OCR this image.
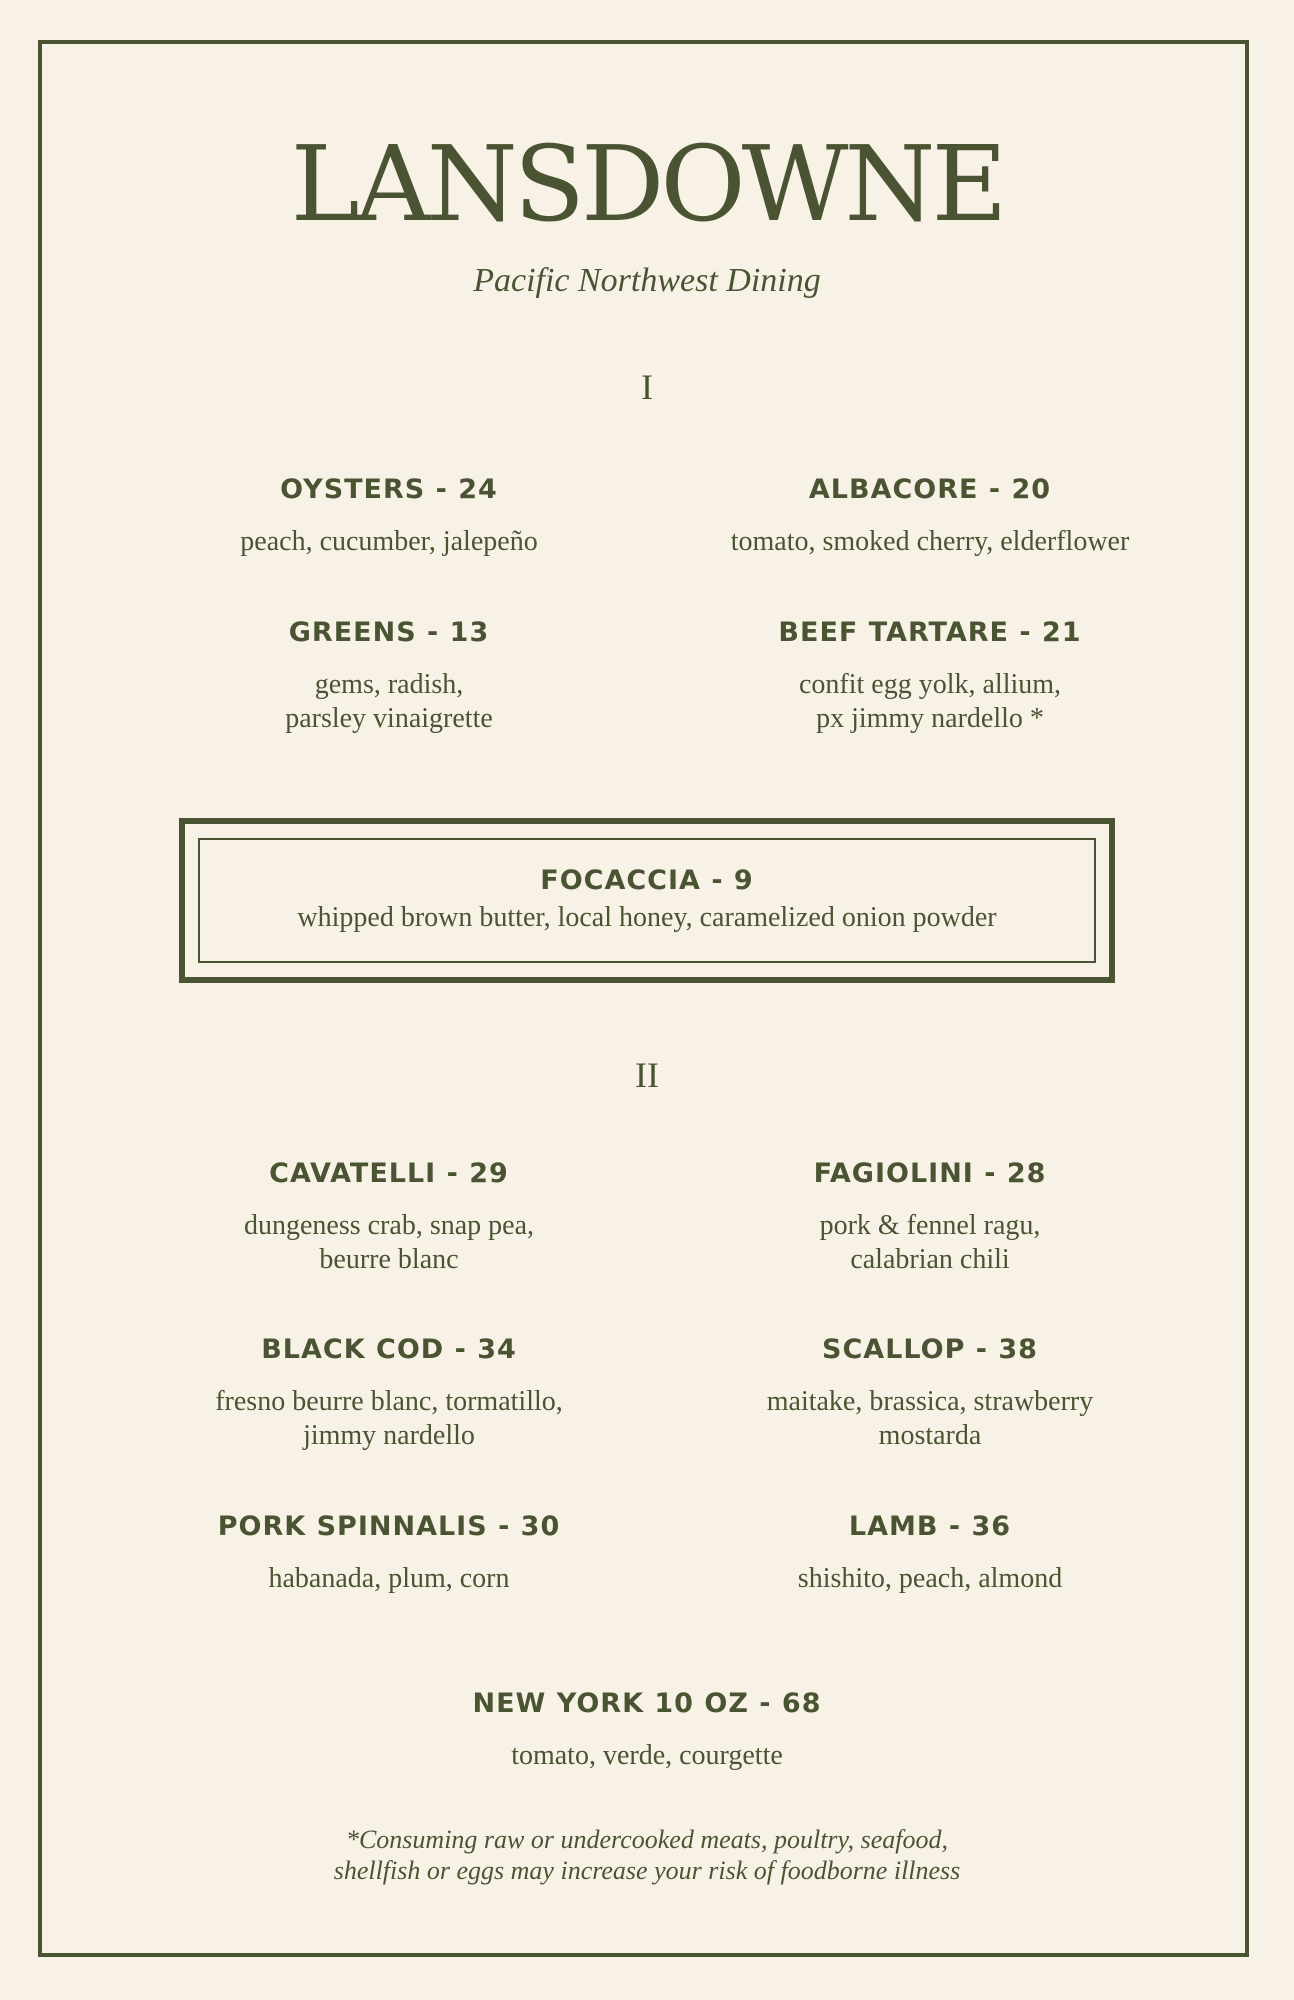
LANSDOWNE
Pacific Northwest Dining
I
OYSTERS - 24
peach, cucumber, jalepeño
ALBACORE - 20
tomato, smoked cherry, elderflower
GREENS - 13
gems, radish,
parsley vinaigrette
BEEF TARTARE - 21
confit egg yolk, allium,
px jimmy nardello *
FOCACCIA - 9
whipped brown butter, local honey, caramelized onion powder
II
CAVATELLI - 29
dungeness crab, snap pea,
beurre blanc
FAGIOLINI - 28
pork & fennel ragu,
calabrian chili
BLACK COD - 34
fresno beurre blanc, tormatillo,
jimmy nardello
SCALLOP - 38
maitake, brassica, strawberry
mostarda
PORK SPINNALIS - 30
habanada, plum, corn
LAMB - 36
shishito, peach, almond
NEW YORK 10 OZ - 68
tomato, verde, courgette
*Consuming raw or undercooked meats, poultry, seafood,
shellfish or eggs may increase your risk of foodborne illness
